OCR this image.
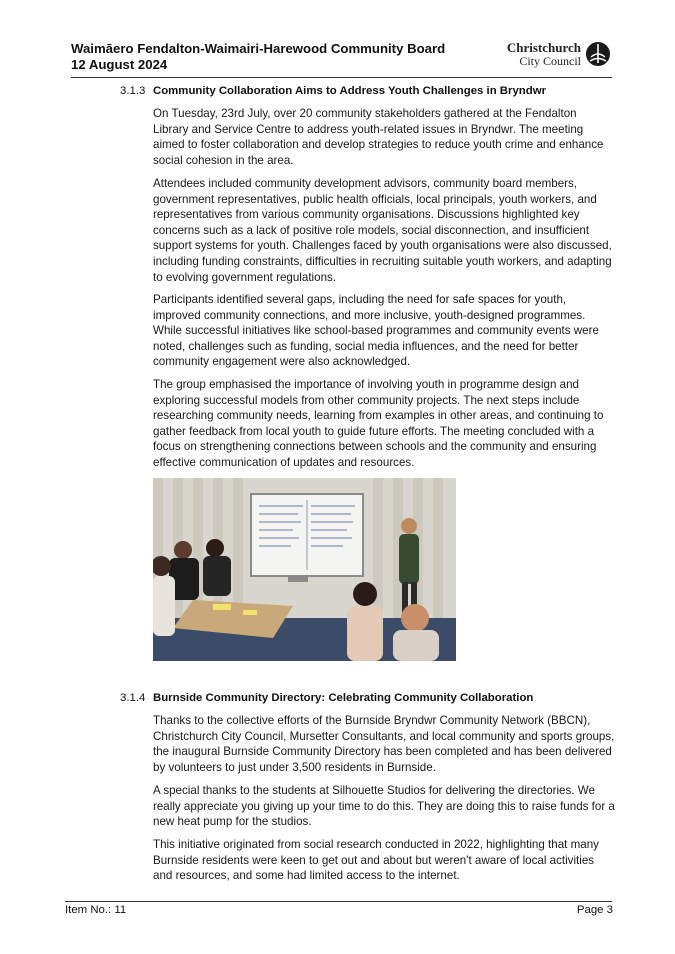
Waimāero Fendalton-Waimairi-Harewood Community Board
12 August 2024
Christchurch
City Council
3.1.3 Community Collaboration Aims to Address Youth Challenges in Bryndwr
On Tuesday, 23rd July, over 20 community stakeholders gathered at the Fendalton Library and Service Centre to address youth-related issues in Bryndwr. The meeting aimed to foster collaboration and develop strategies to reduce youth crime and enhance social cohesion in the area.
Attendees included community development advisors, community board members, government representatives, public health officials, local principals, youth workers, and representatives from various community organisations. Discussions highlighted key concerns such as a lack of positive role models, social disconnection, and insufficient support systems for youth. Challenges faced by youth organisations were also discussed, including funding constraints, difficulties in recruiting suitable youth workers, and adapting to evolving government regulations.
Participants identified several gaps, including the need for safe spaces for youth, improved community connections, and more inclusive, youth-designed programmes. While successful initiatives like school-based programmes and community events were noted, challenges such as funding, social media influences, and the need for better community engagement were also acknowledged.
The group emphasised the importance of involving youth in programme design and exploring successful models from other community projects. The next steps include researching community needs, learning from examples in other areas, and continuing to gather feedback from local youth to guide future efforts. The meeting concluded with a focus on strengthening connections between schools and the community and ensuring effective communication of updates and resources.
3.1.4 Burnside Community Directory: Celebrating Community Collaboration
Thanks to the collective efforts of the Burnside Bryndwr Community Network (BBCN), Christchurch City Council, Mursetter Consultants, and local community and sports groups, the inaugural Burnside Community Directory has been completed and has been delivered by volunteers to just under 3,500 residents in Burnside.
A special thanks to the students at Silhouette Studios for delivering the directories. We really appreciate you giving up your time to do this. They are doing this to raise funds for a new heat pump for the studios.
This initiative originated from social research conducted in 2022, highlighting that many Burnside residents were keen to get out and about but weren't aware of local activities and resources, and some had limited access to the internet.
Item No.: 11	Page 3
